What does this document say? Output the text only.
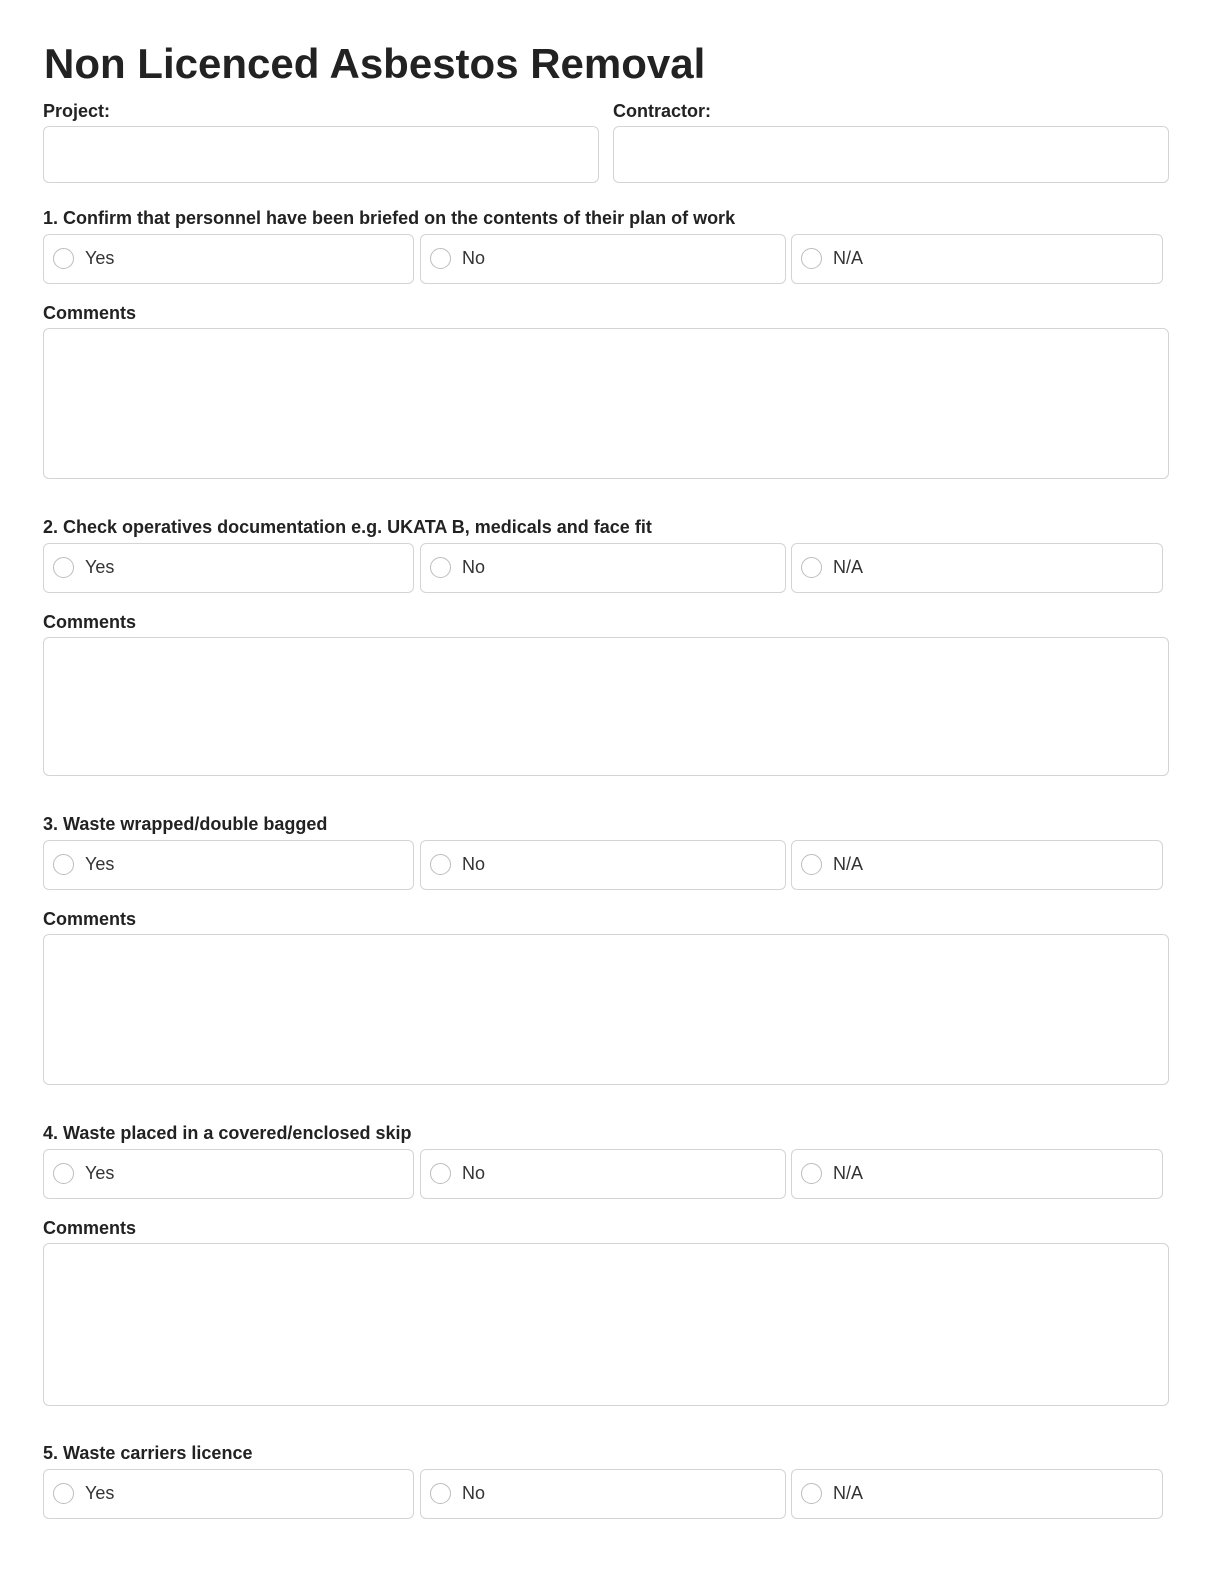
Non Licenced Asbestos Removal
Project:	Contractor:
1. Confirm that personnel have been briefed on the contents of their plan of work
Yes	No	N/A
Comments
2. Check operatives documentation e.g. UKATA B, medicals and face fit
Yes	No	N/A
Comments
3. Waste wrapped/double bagged
Yes	No	N/A
Comments
4. Waste placed in a covered/enclosed skip
Yes	No	N/A
Comments
5. Waste carriers licence
Yes	No	N/A
